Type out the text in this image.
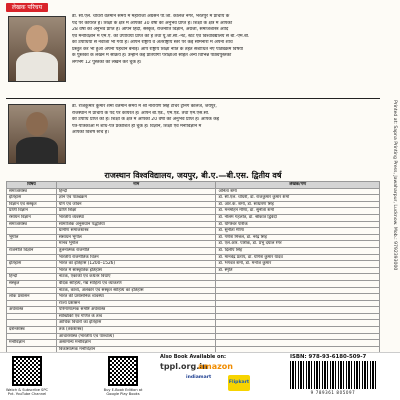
लेखक परिचय
डॉ. सी.एल. चौधरी वर्तमान समय में महाराजा अग्रसेन पी.जी. कॉलेज नगर, भरतपुर में प्राचार्य के
पद पर कार्यरत हैं। शिक्षा के क्षेत्र में आपको 30 वर्षों का अनुभव प्राप्त है। शिक्षा के क्षेत्र में आपको
28 वर्षों का अनुभव प्राप्त है। आपने हिंदी, संस्कृत, राजनीति विज्ञान, अंग्रेजी, समाजशास्त्र आदि
एवं मनोविज्ञान में एम.ए. की उपाधियाँ प्राप्त की हैं तथा यू.जी.सी.-नेट, स्टेट एवं विश्वविद्यालय से बी.-एम.बी.
की उपाधियों से नवाजा भी गया है। आपने राष्ट्रीय व अंतर्राष्ट्रीय स्तर पर कई सेमिनारों में अपना शोध
प्रस्तुत कर भी हुआ अपनी पहचान बनाई। आप राष्ट्रीय शिक्षा नीति के तहत संशोधित नए पाठ्यक्रम विषयों
के पुस्तकों के लेखन में सक्रिय हैं। उन्होंने कई प्रतियोगी परीक्षाओं सहित अन्य विभिन्न पाठ्यपुस्तकों
लगभग 12 पुस्तकों का लेखन कर चुके हैं।
डॉ. राजकुमार कुमार शर्मा वर्तमान समय में श्री नारायण सिंह टीचर ट्रेनिंग कॉलेज, जयपुर,
राजस्थान में प्राचार्य के पद पर कार्यरत हैं। आपने बी.एड., एम.एड. तथा एम.एस.सी.
की उपाधि प्राप्त की है। शिक्षा के क्षेत्र में आपको 20 वर्षों का अनुभव प्राप्त है। आपके कई
पत्र-पत्रिकाओं में शोध-पत्र प्रकाशित हो चुके हैं। विज्ञान, शिक्षा एवं मनोविज्ञान में
आपकी विशेष रुचि है।
राजस्थान विश्वविद्यालय, जयपुर, बी.ए.—बी.एस. द्वितीय वर्ष
विषय	नाम	लेखक/गण
समाजशास्त्र	हिन्दी	अनिता शर्मा
इतिहास	ज्ञान एवं पाठ्यक्रम	डॉ. सी.एल. चौधरी, डॉ. राजकुमार कुमार शर्मा
विज्ञान एवं संस्कृत	योग एवं जीवन	डॉ. आर.के. शर्मा, डॉ. साधारण सिंह
प्राणी विज्ञान	प्राणि शिक्षा	डॉ. मनमोहन मीणा, डॉ. सुनीता शर्मा
रसायन विज्ञान	भारतीय व्यवस्था	डॉ. नीलम गहलोत, डॉ. श्रीकांत द्विवेदी
समाजशास्त्र	सामाजिक अनुसंधान पद्धतियाँ	डॉ. योगेश्वर पारीक
	ग्रामीण समाजशास्त्र	डॉ. सुनीता मीणा
भूगोल	संसाधन भूगोल	डॉ. गणेश मित्तल, डॉ. नरेंद्र सिंह
	मानव भूगोल	डॉ. एल.आर. पारीक, डॉ. प्रभु दयाल रैगर
राजनीति विज्ञान	तुलनात्मक राजनीति	डॉ. दिलीप सिंह
	भारतीय राजनीतिक चिंतन	डॉ. मानवेंद्र प्रताप, डॉ. योगेश कुमार यादव
इतिहास	भारत का इतिहास (1200–1526)	डॉ. भगवत शर्मा, डॉ. मनोज कुमार
	भारत में सांस्कृतिक इतिहास	डॉ. स्मृति
हिन्दी	नाटक, एकांकी एवं कथेतर विधाएँ	
संस्कृत	वैदिक साहित्य, गद्य साहित्य एवं व्याकरण	
	नाटक, काव्य, अलंकार एवं संस्कृत साहित्य का इतिहास	
लोक प्रशासन	भारत की प्रशासनिक व्यवस्था	
	राज्य प्रशासन	
अर्थशास्त्र	परिमाणात्मक समष्टि अर्थशास्त्र	
	सांख्यिकी एवं गणित के तत्व	
	आर्थिक विचारों का इतिहास	
दर्शनशास्त्र	तर्क (तर्कशास्त्र)	
	आचारशास्त्र (भारतीय एवं पाश्चात्य)	
मनोविज्ञान	असामान्य मनोविज्ञान	
	विकासात्मक मनोविज्ञान	

Printed at: Sapna Printing Press, Jawaharpur, Lucknow. Mob.: 9792393000
Watch & Subscribe SPC Pvt. YouTube Channel
Buy E-Book Edition at Google Play Books
Also Book Available on:
tppl.org.in
amazon
indiamart
Flipkart
ISBN: 978-93-6180-509-7
9 789361 805097
